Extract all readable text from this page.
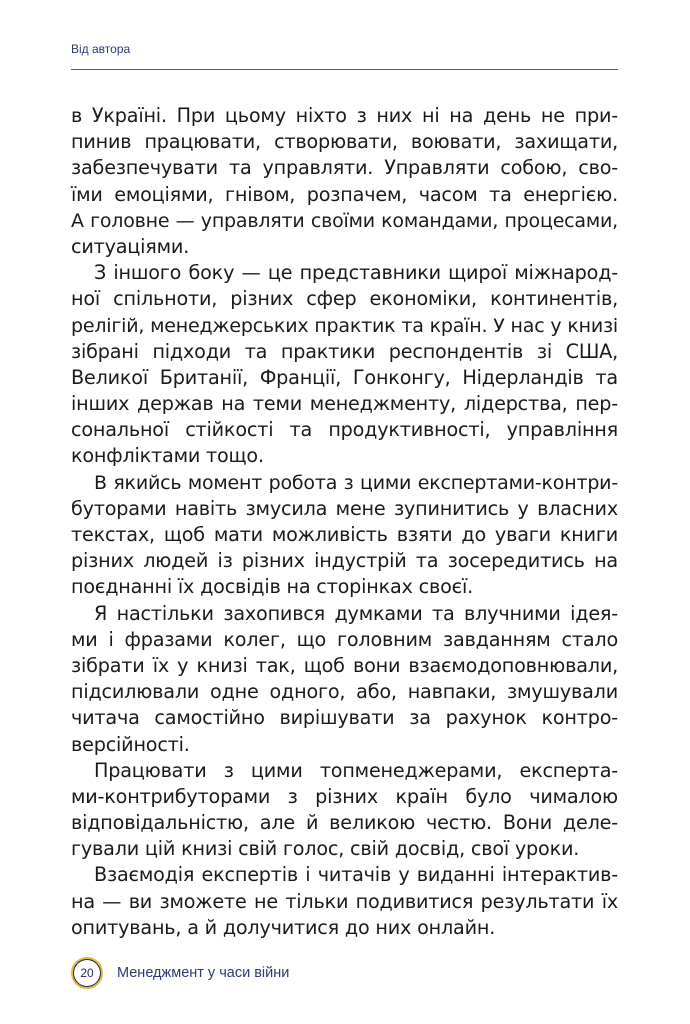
Від автора

в Україні. При цьому ніхто з них ні на день не при-
пинив працювати, створювати, воювати, захищати,
забезпечувати та управляти. Управляти собою, сво-
їми емоціями, гнівом, розпачем, часом та енергією.
А головне — управляти своїми командами, процесами,
ситуаціями.

З іншого боку — це представники щирої міжнарод-
ної спільноти, різних сфер економіки, континентів,
релігій, менеджерських практик та країн. У нас у книзі
зібрані підходи та практики респондентів зі США,
Великої Британії, Франції, Гонконгу, Нідерландів та
інших держав на теми менеджменту, лідерства, пер-
сональної стійкості та продуктивності, управління
конфліктами тощо.

В якийсь момент робота з цими експертами-контри-
буторами навіть змусила мене зупинитись у власних
текстах, щоб мати можливість взяти до уваги книги
різних людей із різних індустрій та зосередитись на
поєднанні їх досвідів на сторінках своєї.

Я настільки захопився думками та влучними ідея-
ми і фразами колег, що головним завданням стало
зібрати їх у книзі так, щоб вони взаємодоповнювали,
підсилювали одне одного, або, навпаки, змушували
читача самостійно вирішувати за рахунок контро-
версійності.

Працювати з цими топменеджерами, експерта-
ми-контрибуторами з різних країн було чималою
відповідальністю, але й великою честю. Вони деле-
гували цій книзі свій голос, свій досвід, свої уроки.

Взаємодія експертів і читачів у виданні інтерактив-
на — ви зможете не тільки подивитися результати їх
опитувань, а й долучитися до них онлайн.

20	Менеджмент у часи війни
